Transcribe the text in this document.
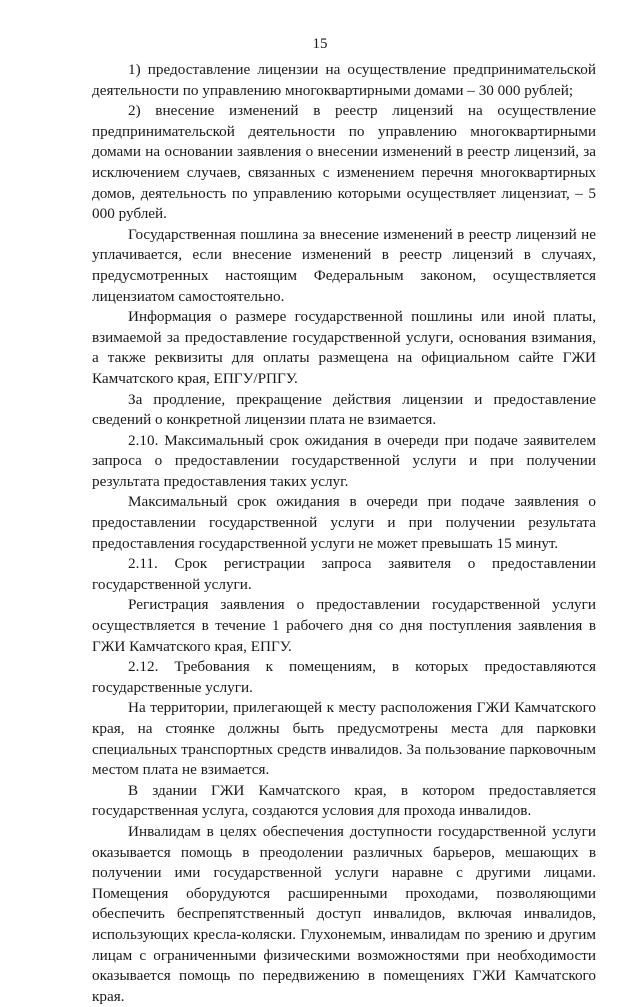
15

1) предоставление лицензии на осуществление предпринимательской деятельности по управлению многоквартирными домами – 30 000 рублей;

2) внесение изменений в реестр лицензий на осуществление предпринимательской деятельности по управлению многоквартирными домами на основании заявления о внесении изменений в реестр лицензий, за исключением случаев, связанных с изменением перечня многоквартирных домов, деятельность по управлению которыми осуществляет лицензиат, – 5 000 рублей.

Государственная пошлина за внесение изменений в реестр лицензий не уплачивается, если внесение изменений в реестр лицензий в случаях, предусмотренных настоящим Федеральным законом, осуществляется лицензиатом самостоятельно.

Информация о размере государственной пошлины или иной платы, взимаемой за предоставление государственной услуги, основания взимания, а также реквизиты для оплаты размещена на официальном сайте ГЖИ Камчатского края, ЕПГУ/РПГУ.

За продление, прекращение действия лицензии и предоставление сведений о конкретной лицензии плата не взимается.

2.10. Максимальный срок ожидания в очереди при подаче заявителем запроса о предоставлении государственной услуги и при получении результата предоставления таких услуг.

Максимальный срок ожидания в очереди при подаче заявления о предоставлении государственной услуги и при получении результата предоставления государственной услуги не может превышать 15 минут.

2.11. Срок регистрации запроса заявителя о предоставлении государственной услуги.

Регистрация заявления о предоставлении государственной услуги осуществляется в течение 1 рабочего дня со дня поступления заявления в ГЖИ Камчатского края, ЕПГУ.

2.12. Требования к помещениям, в которых предоставляются государственные услуги.

На территории, прилегающей к месту расположения ГЖИ Камчатского края, на стоянке должны быть предусмотрены места для парковки специальных транспортных средств инвалидов. За пользование парковочным местом плата не взимается.

В здании ГЖИ Камчатского края, в котором предоставляется государственная услуга, создаются условия для прохода инвалидов.

Инвалидам в целях обеспечения доступности государственной услуги оказывается помощь в преодолении различных барьеров, мешающих в получении ими государственной услуги наравне с другими лицами. Помещения оборудуются расширенными проходами, позволяющими обеспечить беспрепятственный доступ инвалидов, включая инвалидов, использующих кресла-коляски. Глухонемым, инвалидам по зрению и другим лицам с ограниченными физическими возможностями при необходимости оказывается помощь по передвижению в помещениях ГЖИ Камчатского края.
